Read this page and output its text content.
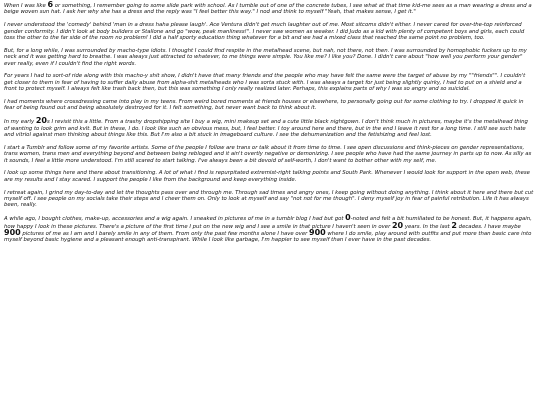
When I was like 6 or something, I remember going to some slide park with school. As I tumble out of one of the concrete tubes, I see what at that time kid-me sees as a man wearing a dress and a beige woven sun hat. I ask her why she has a dress and the reply was "I feel better this way." I nod and think to myself "Yeah, that makes sense, I get it."

I never understood the 'comedy' behind 'man in a dress haha please laugh'. Ace Ventura didn't get much laughter out of me. Most sitcoms didn't either. I never cared for over-the-top reinforced gender conformity. I didn't look at body builders or Stallone and go "wow, peak manliness!". I never saw women as weaker. I did Judo as a kid with plenty of competent boys and girls, each could toss the other to the far side of the room no problem! I did a half sporty education thing whatever for a bit and we had a mixed class that reached the same point no problem, too.

But, for a long while, I was surrounded by macho-type idiots. I thought I could find respite in the metalhead scene, but nah, not there, not then. I was surrounded by homophobic fuckers up to my neck and it was getting hard to breathe. I was always just attracted to whatever, to me things were simple. You like me? I like you? Done. I didn't care about "how well you perform your gender" ever really, even if I couldn't find the right words.

For years I had to sort-of ride along with this macho-y shit show, I didn't have that many friends and the people who may have felt the same were the target of abuse by my ""friends"". I couldn't get closer to them in fear of having to suffer daily abuse from alpha-shit metalheads who I was sorta stuck with. I was always a target for just being slightly quirky, I had to put on a shield and a front to protect myself. I always felt like trash back then, but this was something I only really realized later. Perhaps, this explains parts of why I was so angry and so suicidal.

I had moments where crossdressing came into play in my teens. From weird bored moments at friends houses or elsewhere, to personally going out for some clothing to try. I dropped it quick in fear of being found out and being absolutely destroyed for it. I felt something, but never want back to think about it.

In my early 20s I revisit this a little. From a trashy dropshipping site I buy a wig, mini makeup set and a cute little black nightgown. I don't think much in pictures, maybe it's the metalhead thing of wanting to look grim and kvlt. But in these, I do. I look like such an obvious mess, but, I feel better. I toy around here and there, but in the end I leave it rest for a long time. I still see such hate and vitriol against men thinking about things like this. But I'm also a bit stuck in imageboard culture. I see the dehumanization and the fetishizing and feel lost.

I start a Tumblr and follow some of my favorite artists. Some of the people I follow are trans or talk about it from time to time. I see open discussions and think-pieces on gender representations, trans women, trans men and everything beyond and between being rebloged and it ain't overtly negative or demonizing. I see people who have had the same journey in parts up to now. As silly as it sounds, I feel a little more understood. I'm still scared to start talking. I've always been a bit devoid of self-worth, I don't want to bother other with my self, me.

I look up some things here and there about transitioning. A lot of what i find is repurpitated extremist-right talking points and South Park. Whenever I would look for support in the open web, these are my results and I stay scared. I support the people I like from the background and keep everything inside.

I retreat again, I grind my day-to-day and let the thoughts pass over and through me. Through sad times and angry ones, I keep going without doing anything. I think about it here and there but cut myself off. I see people on my socials take their steps and I cheer them on. Only to look at myself and say "not not for me though". I deny myself joy in fear of painful retribution. Life it has always been, really.

A while ago, I bought clothes, make-up, accessories and a wig again. I sneaked in pictures of me in a tumblr blog I had but got 0-noted and felt a bit humiliated to be honest. But, it happens again, how happy I look in these pictures. There's a picture of the first time I put on the new wig and I see a smile in that picture I haven't seen in over 20 years. In the last 2 decades. I have maybe 900 pictures of me as I am and I barely smile in any of them. From only the past few months alone I have over 900 where I do smile, play around with outfits and put more than basic care into myself beyond basic hygiene and a pleasant enough anti-transpirant. While I look like garbage, I'm happier to see myself than I ever have in the past decades.
